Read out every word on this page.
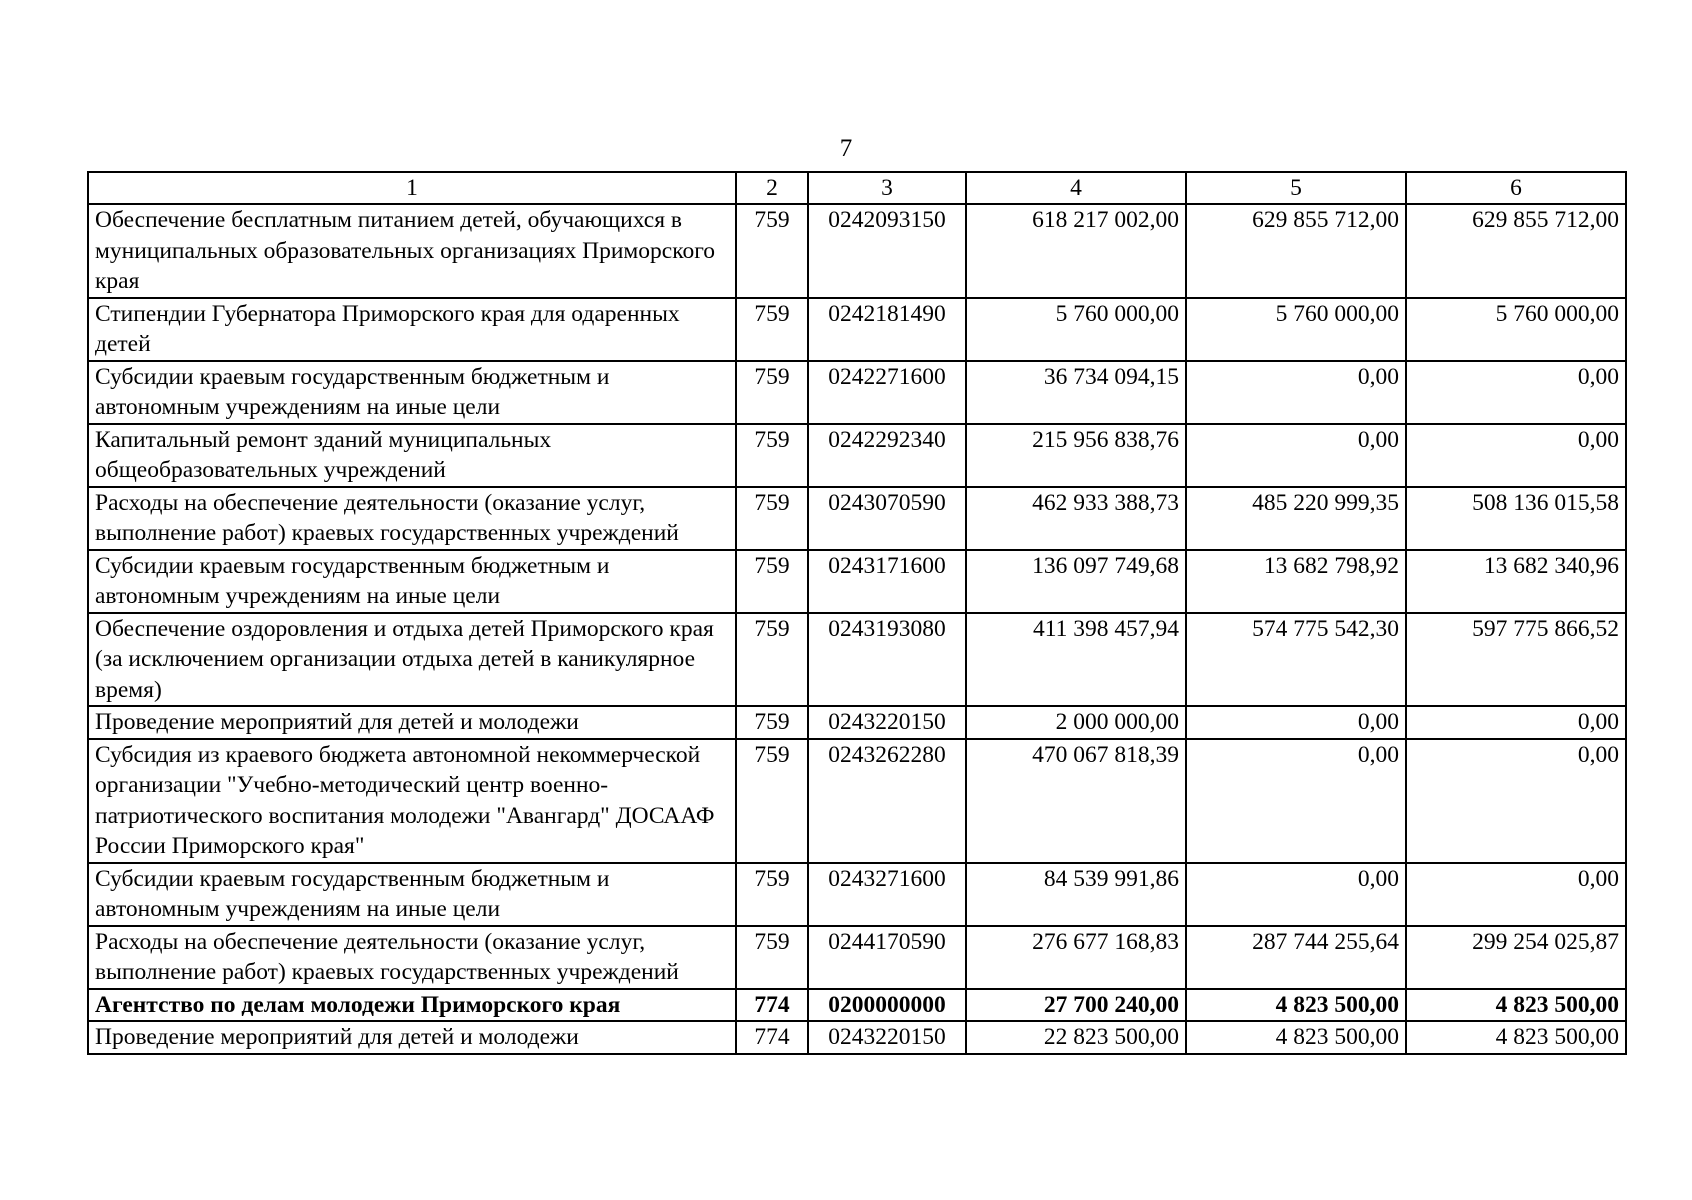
7
1	2	3	4	5	6
Обеспечение бесплатным питанием детей, обучающихся в муниципальных образовательных организациях Приморского края	759	0242093150	618 217 002,00	629 855 712,00	629 855 712,00
Стипендии Губернатора Приморского края для одаренных детей	759	0242181490	5 760 000,00	5 760 000,00	5 760 000,00
Субсидии краевым государственным бюджетным и автономным учреждениям на иные цели	759	0242271600	36 734 094,15	0,00	0,00
Капитальный ремонт зданий муниципальных общеобразовательных учреждений	759	0242292340	215 956 838,76	0,00	0,00
Расходы на обеспечение деятельности (оказание услуг, выполнение работ) краевых государственных учреждений	759	0243070590	462 933 388,73	485 220 999,35	508 136 015,58
Субсидии краевым государственным бюджетным и автономным учреждениям на иные цели	759	0243171600	136 097 749,68	13 682 798,92	13 682 340,96
Обеспечение оздоровления и отдыха детей Приморского края (за исключением организации отдыха детей в каникулярное время)	759	0243193080	411 398 457,94	574 775 542,30	597 775 866,52
Проведение мероприятий для детей и молодежи	759	0243220150	2 000 000,00	0,00	0,00
Субсидия из краевого бюджета автономной некоммерческой организации "Учебно-методический центр военно-патриотического воспитания молодежи "Авангард" ДОСААФ России Приморского края"	759	0243262280	470 067 818,39	0,00	0,00
Субсидии краевым государственным бюджетным и автономным учреждениям на иные цели	759	0243271600	84 539 991,86	0,00	0,00
Расходы на обеспечение деятельности (оказание услуг, выполнение работ) краевых государственных учреждений	759	0244170590	276 677 168,83	287 744 255,64	299 254 025,87
Агентство по делам молодежи Приморского края	774	0200000000	27 700 240,00	4 823 500,00	4 823 500,00
Проведение мероприятий для детей и молодежи	774	0243220150	22 823 500,00	4 823 500,00	4 823 500,00
